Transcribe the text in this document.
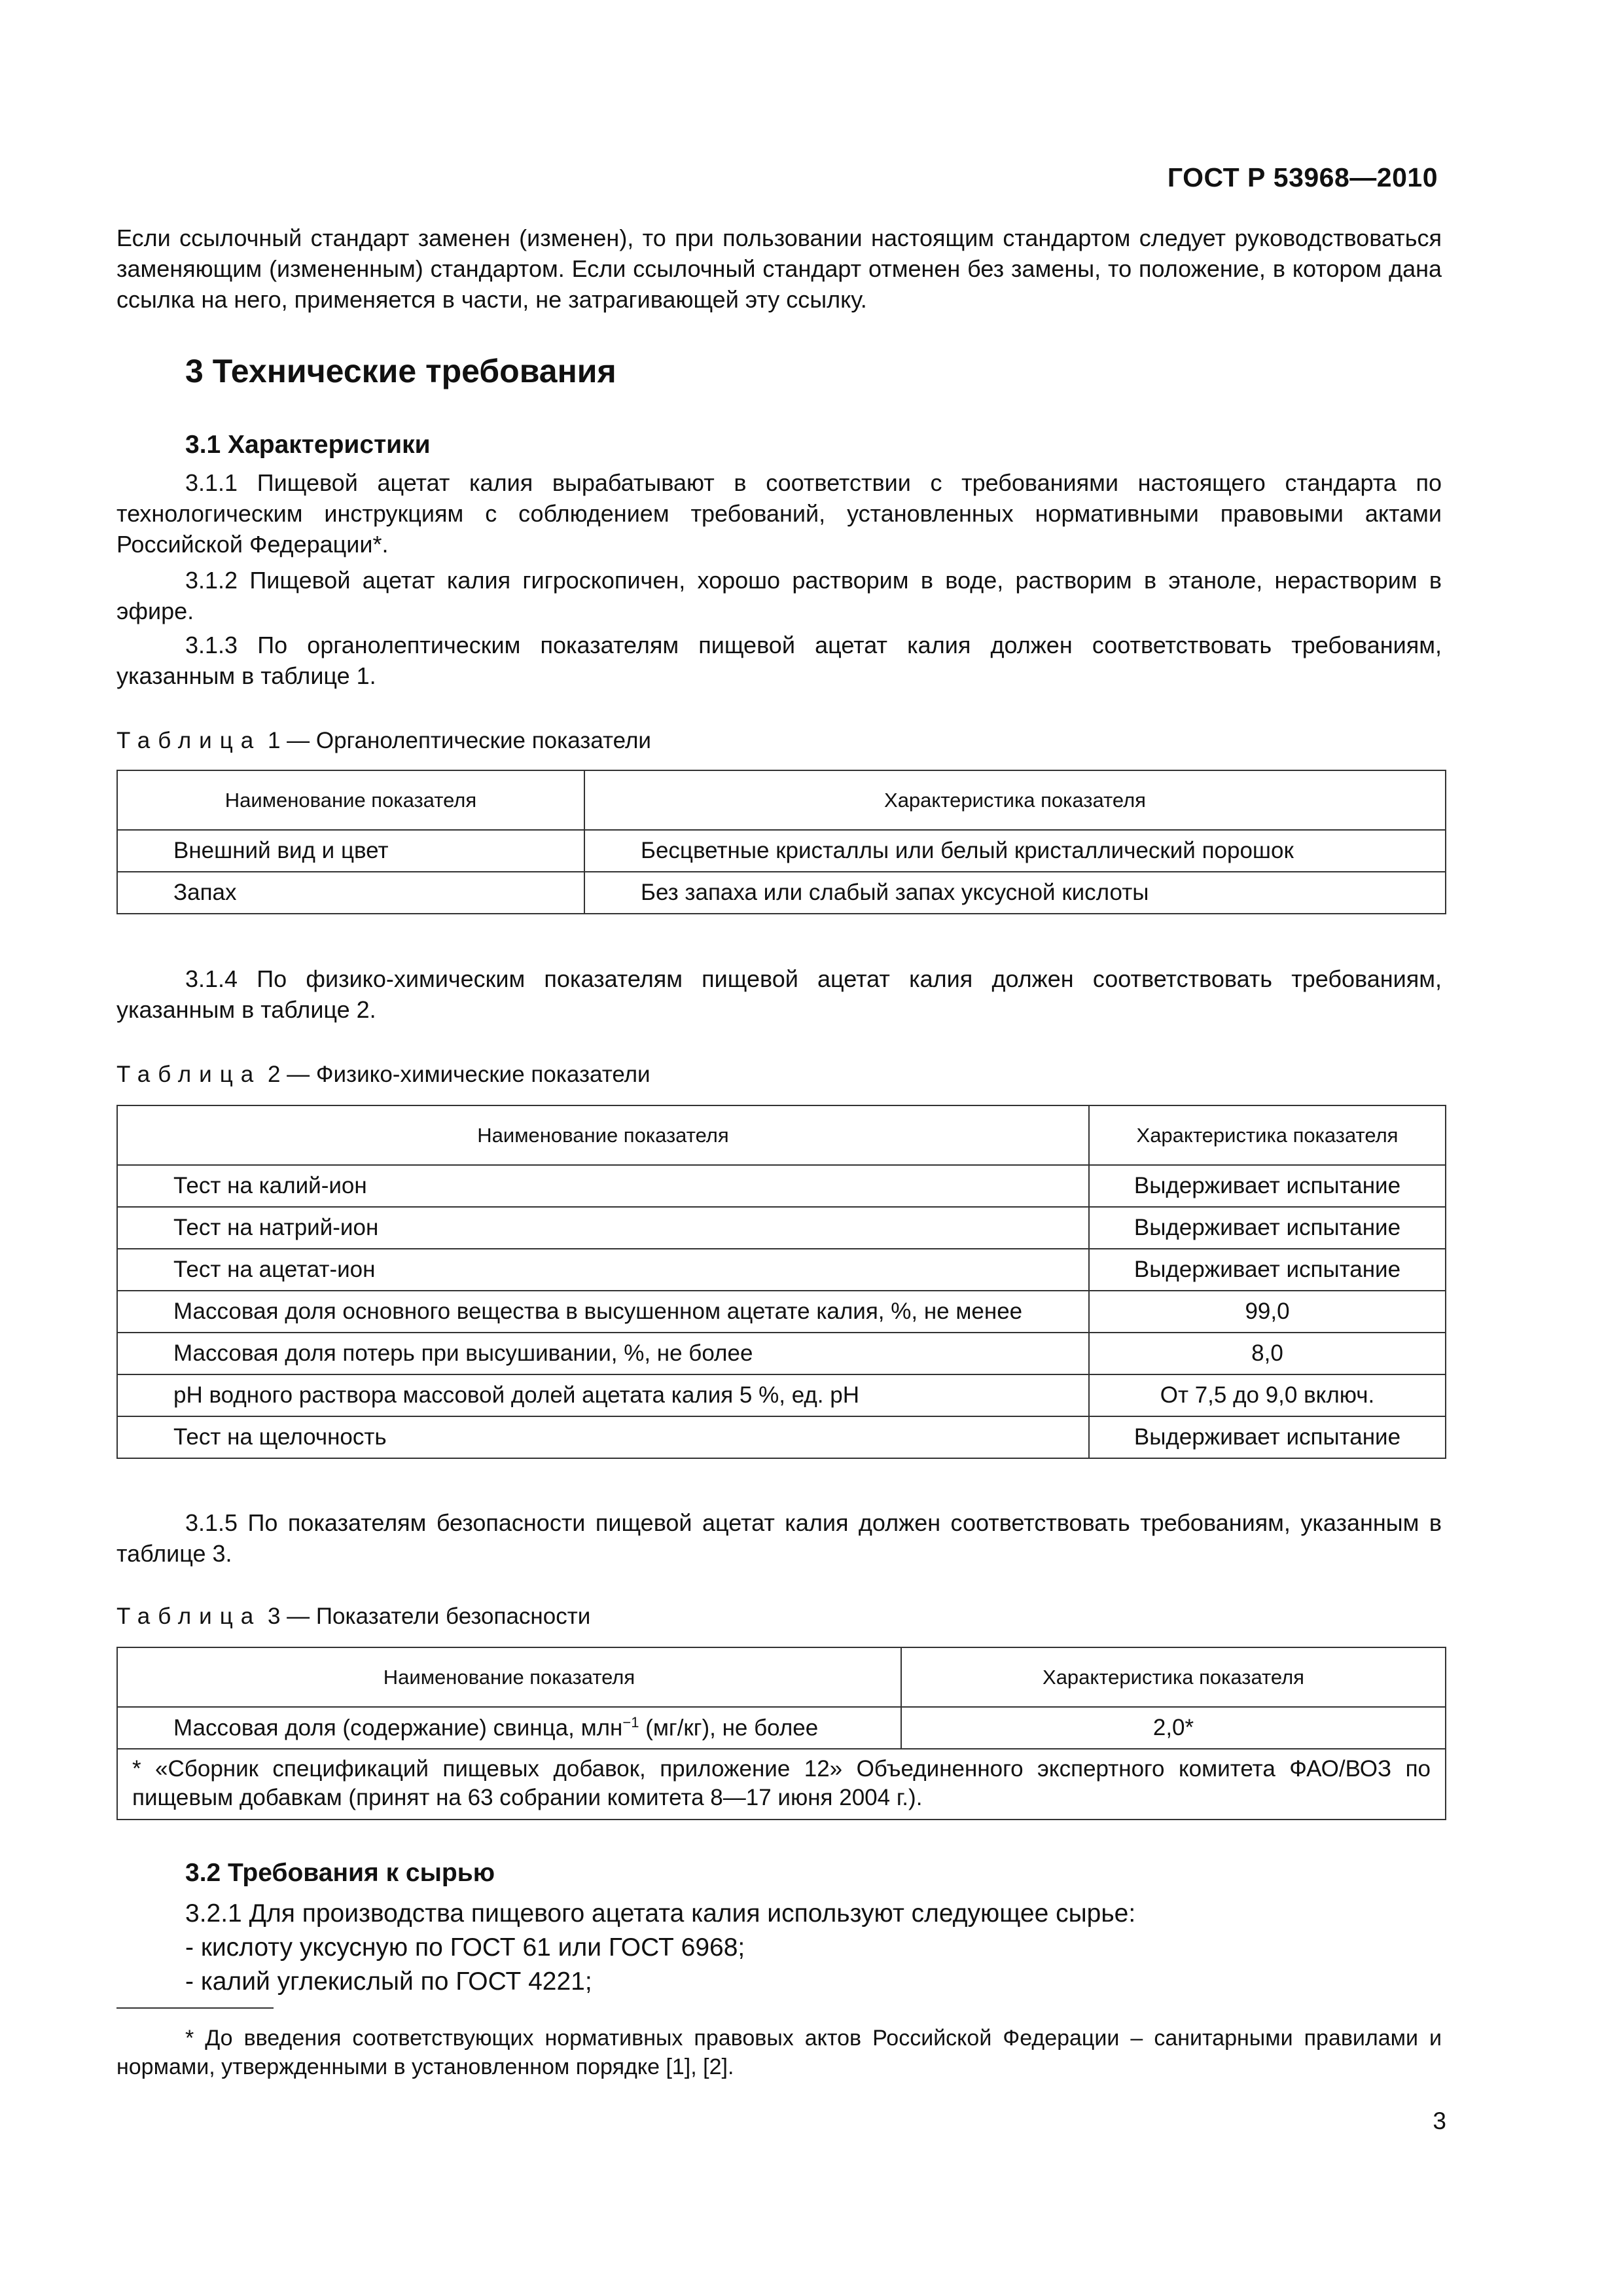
ГОСТ Р 53968—2010
Если ссылочный стандарт заменен (изменен), то при пользовании настоящим стандартом следует руководствоваться заменяющим (измененным) стандартом. Если ссылочный стандарт отменен без замены, то положение, в котором дана ссылка на него, применяется в части, не затрагивающей эту ссылку.
3 Технические требования
3.1 Характеристики
3.1.1 Пищевой ацетат калия вырабатывают в соответствии с требованиями настоящего стандарта по технологическим инструкциям с соблюдением требований, установленных нормативными правовыми актами Российской Федерации*.
3.1.2 Пищевой ацетат калия гигроскопичен, хорошо растворим в воде, растворим в этаноле, нерастворим в эфире.
3.1.3 По органолептическим показателям пищевой ацетат калия должен соответствовать требованиям, указанным в таблице 1.
Таблица 1 — Органолептические показатели
Наименование показателя	Характеристика показателя
Внешний вид и цвет	Бесцветные кристаллы или белый кристаллический порошок
Запах	Без запаха или слабый запах уксусной кислоты
3.1.4 По физико-химическим показателям пищевой ацетат калия должен соответствовать требованиям, указанным в таблице 2.
Таблица 2 — Физико-химические показатели
Наименование показателя	Характеристика показателя
Тест на калий-ион	Выдерживает испытание
Тест на натрий-ион	Выдерживает испытание
Тест на ацетат-ион	Выдерживает испытание
Массовая доля основного вещества в высушенном ацетате калия, %, не менее	99,0
Массовая доля потерь при высушивании, %, не более	8,0
pH водного раствора массовой долей ацетата калия 5 %, ед. pH	От 7,5 до 9,0 включ.
Тест на щелочность	Выдерживает испытание
3.1.5 По показателям безопасности пищевой ацетат калия должен соответствовать требованиям, указанным в таблице 3.
Таблица 3 — Показатели безопасности
Наименование показателя	Характеристика показателя
Массовая доля (содержание) свинца, млн$^{-1}$ (мг/кг), не более	2,0*
* «Сборник спецификаций пищевых добавок, приложение 12» Объединенного экспертного комитета ФАО/ВОЗ по пищевым добавкам (принят на 63 собрании комитета 8—17 июня 2004 г.).	
3.2 Требования к сырью
3.2.1 Для производства пищевого ацетата калия используют следующее сырье:
- кислоту уксусную по ГОСТ 61 или ГОСТ 6968;
- калий углекислый по ГОСТ 4221;
* До введения соответствующих нормативных правовых актов Российской Федерации – санитарными правилами и нормами, утвержденными в установленном порядке [1], [2].
3
